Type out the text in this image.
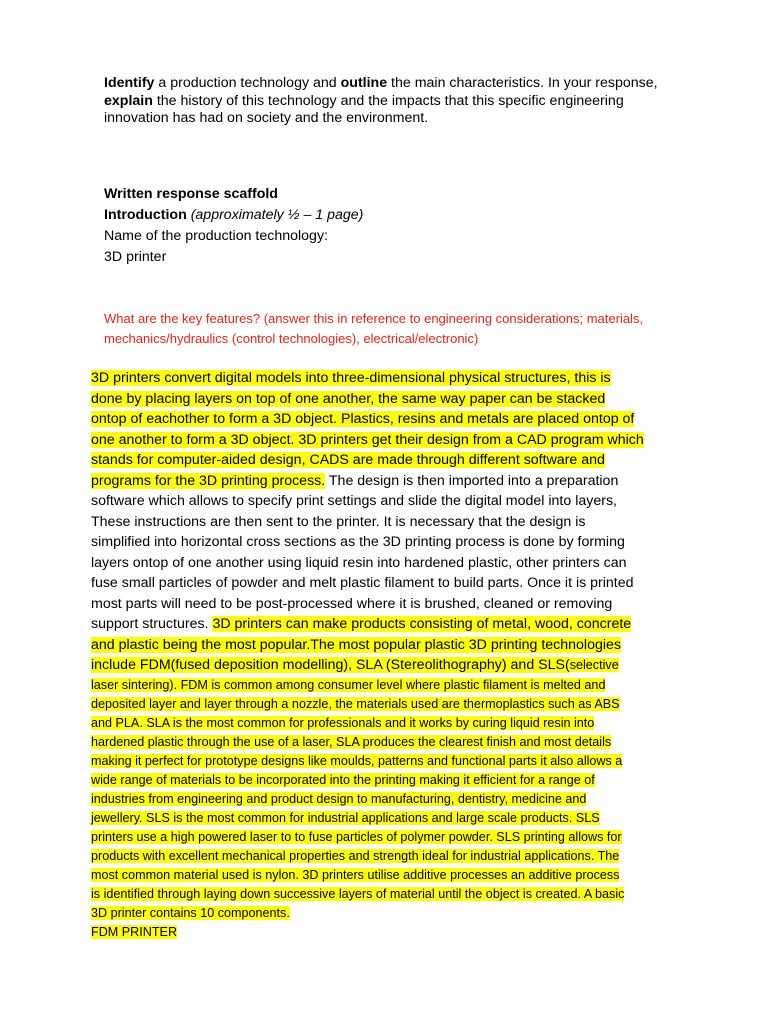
Identify a production technology and outline the main characteristics. In your response, explain the history of this technology and the impacts that this specific engineering innovation has had on society and the environment.
Written response scaffold
Introduction (approximately ½ – 1 page)
Name of the production technology:
3D printer
What are the key features? (answer this in reference to engineering considerations; materials, mechanics/hydraulics (control technologies), electrical/electronic)
3D printers convert digital models into three-dimensional physical structures, this is
done by placing layers on top of one another, the same way paper can be stacked
ontop of eachother to form a 3D object. Plastics, resins and metals are placed ontop of
one another to form a 3D object. 3D printers get their design from a CAD program which
stands for computer-aided design, CADS are made through different software and
programs for the 3D printing process. The design is then imported into a preparation
software which allows to specify print settings and slide the digital model into layers,
These instructions are then sent to the printer. It is necessary that the design is
simplified into horizontal cross sections as the 3D printing process is done by forming
layers ontop of one another using liquid resin into hardened plastic, other printers can
fuse small particles of powder and melt plastic filament to build parts. Once it is printed
most parts will need to be post-processed where it is brushed, cleaned or removing
support structures. 3D printers can make products consisting of metal, wood, concrete
and plastic being the most popular.The most popular plastic 3D printing technologies
include FDM(fused deposition modelling), SLA (Stereolithography) and SLS(selective
laser sintering). FDM is common among consumer level where plastic filament is melted and
deposited layer and layer through a nozzle, the materials used are thermoplastics such as ABS
and PLA. SLA is the most common for professionals and it works by curing liquid resin into
hardened plastic through the use of a laser, SLA produces the clearest finish and most details
making it perfect for prototype designs like moulds, patterns and functional parts it also allows a
wide range of materials to be incorporated into the printing making it efficient for a range of
industries from engineering and product design to manufacturing, dentistry, medicine and
jewellery. SLS is the most common for industrial applications and large scale products. SLS
printers use a high powered laser to to fuse particles of polymer powder. SLS printing allows for
products with excellent mechanical properties and strength ideal for industrial applications. The
most common material used is nylon. 3D printers utilise additive processes an additive process
is identified through laying down successive layers of material until the object is created. A basic
3D printer contains 10 components.
FDM PRINTER
